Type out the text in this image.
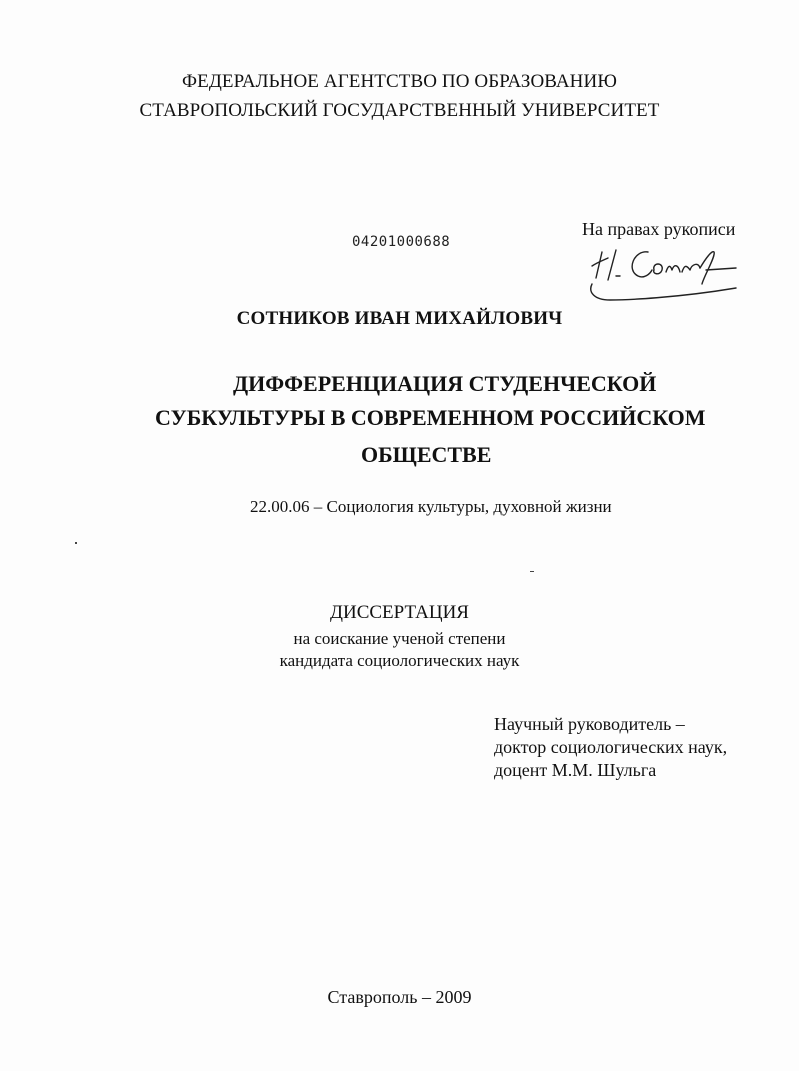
ФЕДЕРАЛЬНОЕ АГЕНТСТВО ПО ОБРАЗОВАНИЮ
СТАВРОПОЛЬСКИЙ ГОСУДАРСТВЕННЫЙ УНИВЕРСИТЕТ
04201000688
На правах рукописи
СОТНИКОВ ИВАН МИХАЙЛОВИЧ
ДИФФЕРЕНЦИАЦИЯ СТУДЕНЧЕСКОЙ
СУБКУЛЬТУРЫ В СОВРЕМЕННОМ РОССИЙСКОМ
ОБЩЕСТВЕ
22.00.06 – Социология культуры, духовной жизни
ДИССЕРТАЦИЯ
на соискание ученой степени
кандидата социологических наук
Научный руководитель –
доктор социологических наук,
доцент М.М. Шульга
Ставрополь – 2009
